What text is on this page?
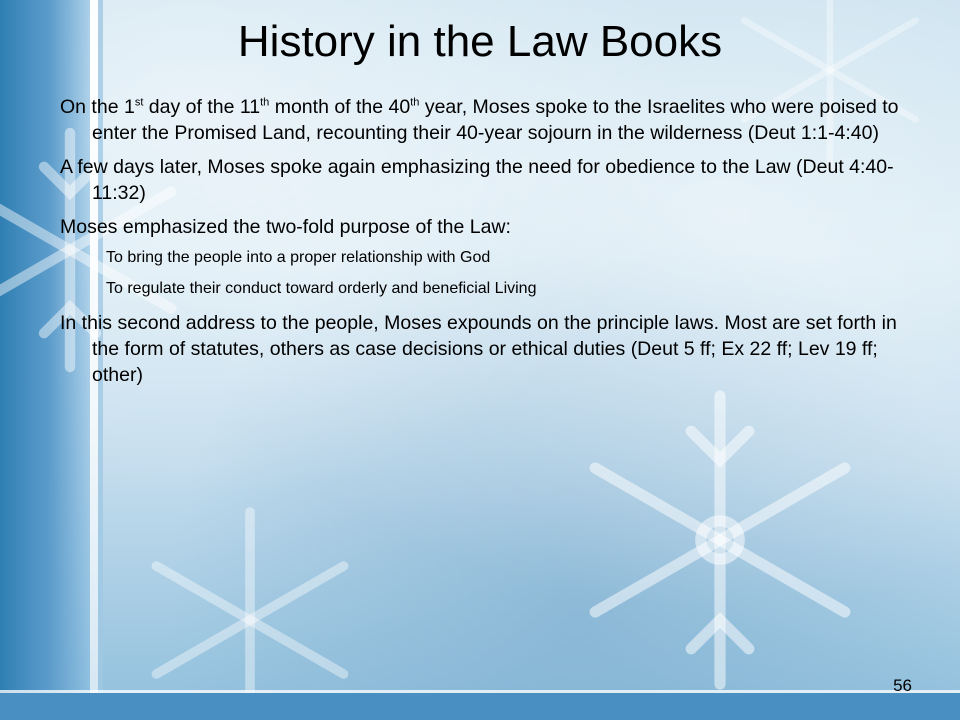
History in the Law Books

On the 1st day of the 11th month of the 40th year, Moses spoke to the Israelites who were poised to enter the Promised Land, recounting their 40-year sojourn in the wilderness (Deut 1:1-4:40)

A few days later, Moses spoke again emphasizing the need for obedience to the Law (Deut 4:40-11:32)

Moses emphasized the two-fold purpose of the Law:

To bring the people into a proper relationship with God

To regulate their conduct toward orderly and beneficial Living

In this second address to the people, Moses expounds on the principle laws. Most are set forth in the form of statutes, others as case decisions or ethical duties (Deut 5 ff; Ex 22 ff; Lev 19 ff; other)

56
